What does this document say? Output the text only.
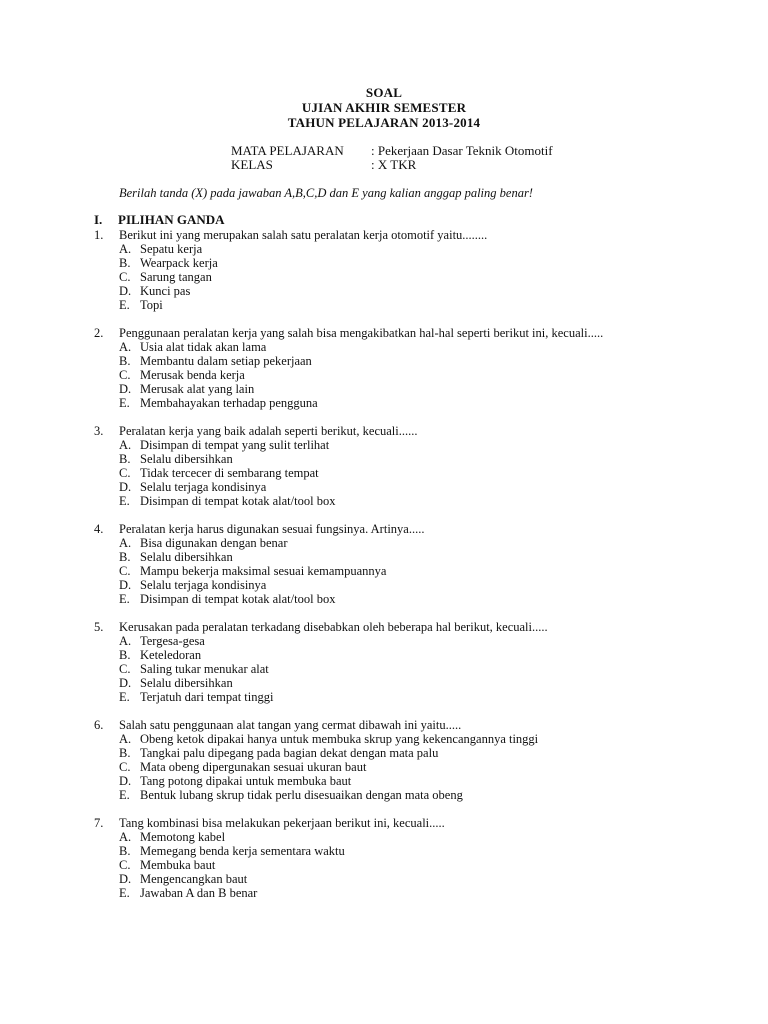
SOAL
UJIAN AKHIR SEMESTER
TAHUN PELAJARAN 2013-2014
MATA PELAJARAN	: Pekerjaan Dasar Teknik Otomotif
KELAS	: X TKR
Berilah tanda (X) pada jawaban A,B,C,D dan E yang kalian anggap paling benar!
I. PILIHAN GANDA
1.	Berikut ini yang merupakan salah satu peralatan kerja otomotif yaitu........
A. Sepatu kerja
B. Wearpack kerja
C. Sarung tangan
D. Kunci pas
E. Topi
2.	Penggunaan peralatan kerja yang salah bisa mengakibatkan hal-hal seperti berikut ini, kecuali.....
A. Usia alat tidak akan lama
B. Membantu dalam setiap pekerjaan
C. Merusak benda kerja
D. Merusak alat yang lain
E. Membahayakan terhadap pengguna
3.	Peralatan kerja yang baik adalah seperti berikut, kecuali......
A. Disimpan di tempat yang sulit terlihat
B. Selalu dibersihkan
C. Tidak tercecer di sembarang tempat
D. Selalu terjaga kondisinya
E. Disimpan di tempat kotak alat/tool box
4.	Peralatan kerja harus digunakan sesuai fungsinya. Artinya.....
A. Bisa digunakan dengan benar
B. Selalu dibersihkan
C. Mampu bekerja maksimal sesuai kemampuannya
D. Selalu terjaga kondisinya
E. Disimpan di tempat kotak alat/tool box
5.	Kerusakan pada peralatan terkadang disebabkan oleh beberapa hal berikut, kecuali.....
A. Tergesa-gesa
B. Keteledoran
C. Saling tukar menukar alat
D. Selalu dibersihkan
E. Terjatuh dari tempat tinggi
6.	Salah satu penggunaan alat tangan yang cermat dibawah ini yaitu.....
A. Obeng ketok dipakai hanya untuk membuka skrup yang kekencangannya tinggi
B. Tangkai palu dipegang pada bagian dekat dengan mata palu
C. Mata obeng dipergunakan sesuai ukuran baut
D. Tang potong dipakai untuk membuka baut
E. Bentuk lubang skrup tidak perlu disesuaikan dengan mata obeng
7.	Tang kombinasi bisa melakukan pekerjaan berikut ini, kecuali.....
A. Memotong kabel
B. Memegang benda kerja sementara waktu
C. Membuka baut
D. Mengencangkan baut
E. Jawaban A dan B benar
